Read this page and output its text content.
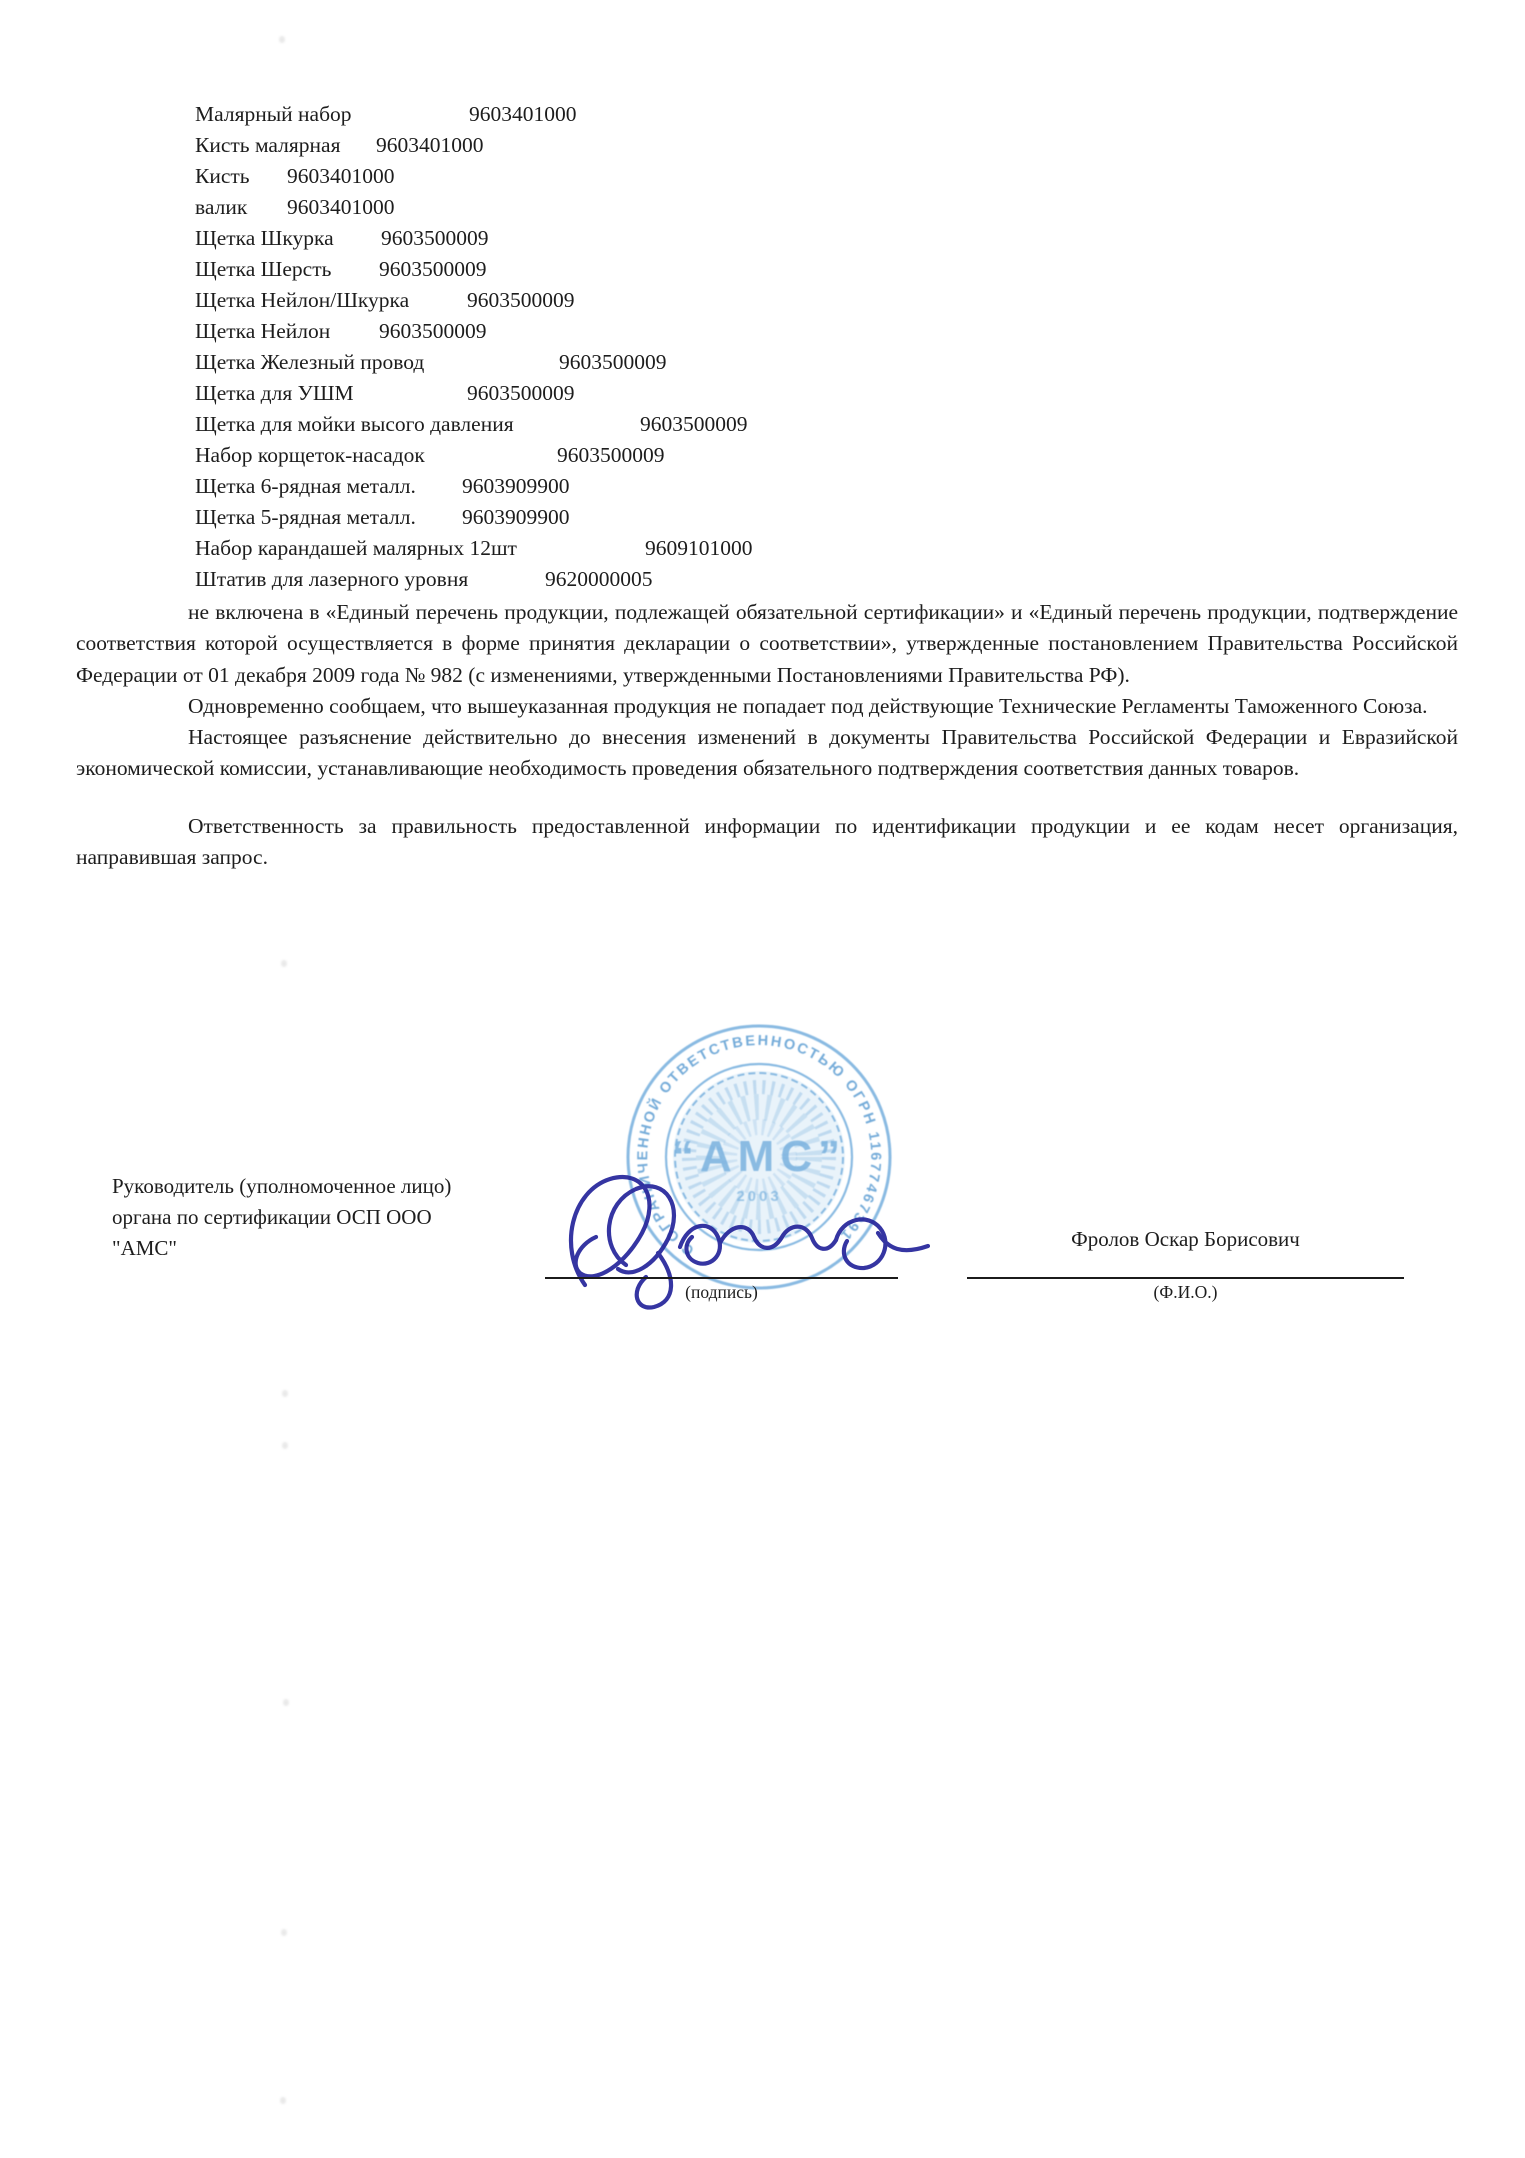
Малярный набор	9603401000
Кисть малярная 9603401000
Кисть 9603401000
валик 9603401000
Щетка Шкурка 9603500009
Щетка Шерсть 9603500009
Щетка Нейлон/Шкурка	9603500009
Щетка Нейлон 9603500009
Щетка Железный провод	9603500009
Щетка для УШМ	9603500009
Щетка для мойки высого давления	9603500009
Набор корщеток-насадок	9603500009
Щетка 6-рядная металл. 9603909900
Щетка 5-рядная металл. 9603909900
Набор карандашей малярных 12шт	9609101000
Штатив для лазерного уровня	9620000005

не включена в «Единый перечень продукции, подлежащей обязательной сертификации» и «Единый перечень продукции, подтверждение соответствия которой осуществляется в форме принятия декларации о соответствии», утвержденные постановлением Правительства Российской Федерации от 01 декабря 2009 года № 982 (с изменениями, утвержденными Постановлениями Правительства РФ).

Одновременно сообщаем, что вышеуказанная продукция не попадает под действующие Технические Регламенты Таможенного Союза.

Настоящее разъяснение действительно до внесения изменений в документы Правительства Российской Федерации и Евразийской экономической комиссии, устанавливающие необходимость проведения обязательного подтверждения соответствия данных товаров.

Ответственность за правильность предоставленной информации по идентификации продукции и ее кодам несет организация, направившая запрос.

Руководитель (уполномоченное лицо)
органа по сертификации ОСП ООО
"АМС"	С ОГРАНИЧЕННОЙ ОТВЕТСТВЕННОСТЬЮ ОГРН 11677467391
“АМС”
2003
(подпись)
Фролов Оскар Борисович
(Ф.И.О.)
